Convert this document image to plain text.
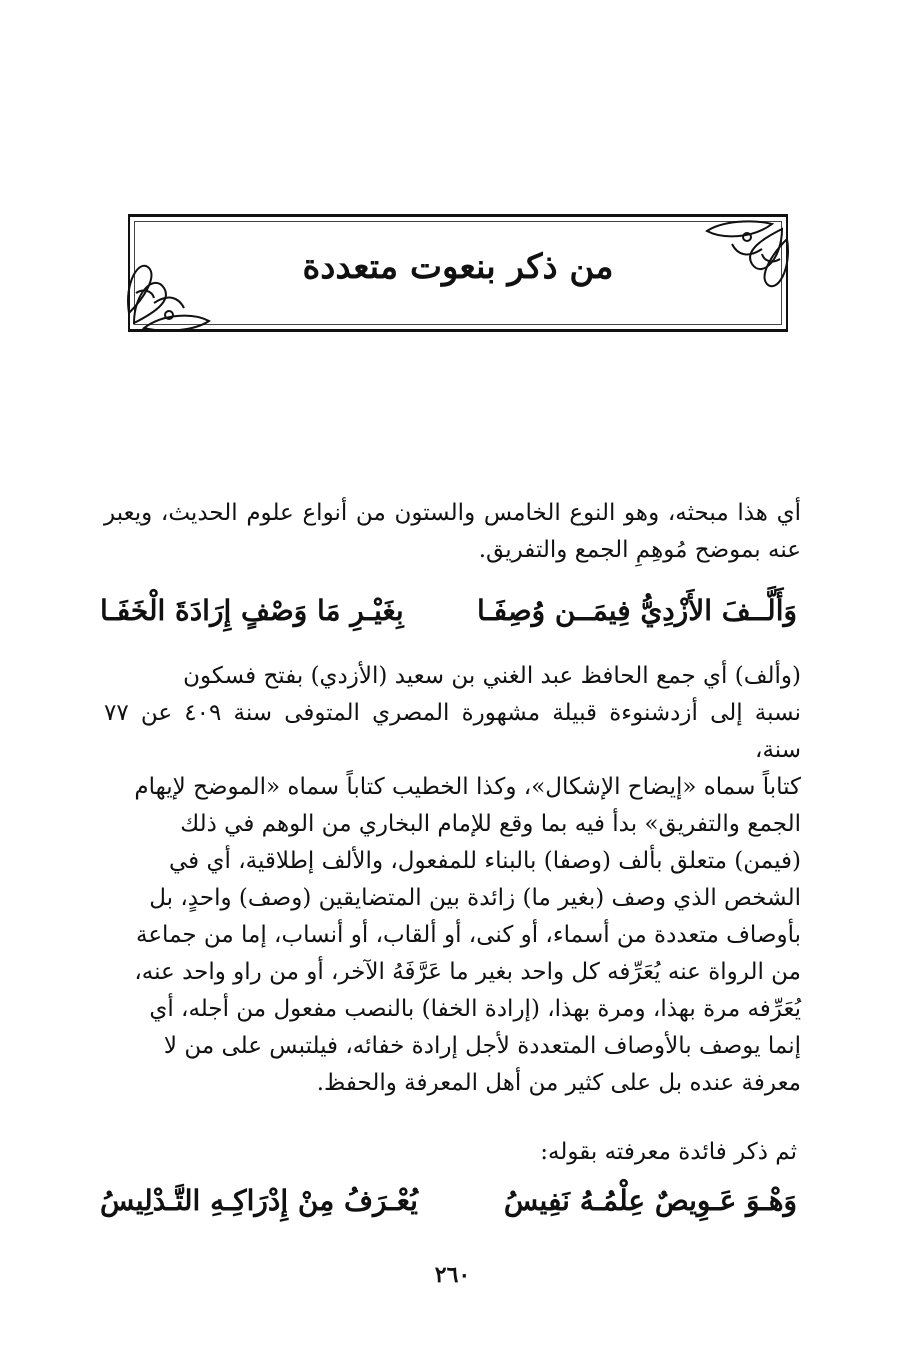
من ذكر بنعوت متعددة

أي هذا مبحثه، وهو النوع الخامس والستون من أنواع علوم الحديث، ويعبر عنه بموضح مُوهِمِ الجمع والتفريق.

وَأَلَّــفَ الأَزْدِيُّ فِيمَــن وُصِفَـا
بِغَيْـرِ مَا وَصْفٍ إِرَادَةَ الْخَفَـا

(وألف) أي جمع الحافظ عبد الغني بن سعيد (الأزدي) بفتح فسكون

نسبة إلى أزدشنوءة قبيلة مشهورة المصري المتوفى سنة ٤٠٩ عن ٧٧ سنة،

كتاباً سماه «إيضاح الإشكال»، وكذا الخطيب كتاباً سماه «الموضح لإيهام

الجمع والتفريق» بدأ فيه بما وقع للإمام البخاري من الوهم في ذلك

(فيمن) متعلق بألف (وصفا) بالبناء للمفعول، والألف إطلاقية، أي في

الشخص الذي وصف (بغير ما) زائدة بين المتضايقين (وصف) واحدٍ، بل

بأوصاف متعددة من أسماء، أو كنى، أو ألقاب، أو أنساب، إما من جماعة

من الرواة عنه يُعَرِّفه كل واحد بغير ما عَرَّفَهُ الآخر، أو من راو واحد عنه،

يُعَرِّفه مرة بهذا، ومرة بهذا، (إرادة الخفا) بالنصب مفعول من أجله، أي

إنما يوصف بالأوصاف المتعددة لأجل إرادة خفائه، فيلتبس على من لا

معرفة عنده بل على كثير من أهل المعرفة والحفظ.

ثم ذكر فائدة معرفته بقوله:
وَهْـوَ عَـوِيصٌ عِلْمُـهُ نَفِيسُ
يُعْـرَفُ مِنْ إِدْرَاكِـهِ التَّـدْلِيسُ
٢٦٠
